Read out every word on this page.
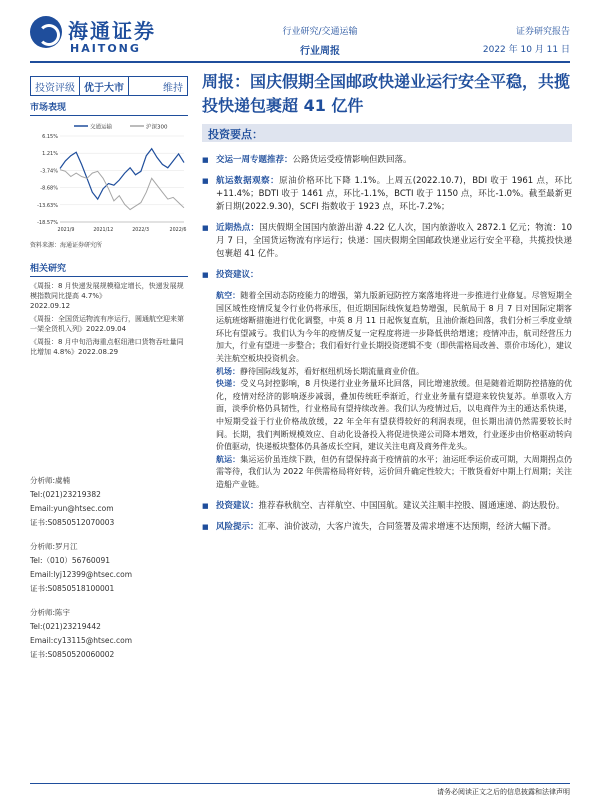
海通证券
HAITONG
行业研究/交通运输
行业周报
证券研究报告
2022 年 10 月 11 日
投资评级 优于大市	维持
市场表现
交通运输	沪深300
6.15%
1.21%
-3.74%
-8.68%
-13.63%
-18.57%
2021/9	2021/12	2022/3	2022/6
资料来源：海通证券研究所
相关研究
《周报：8 月快递发展规模稳定增长，快递发展规模指数同比提高 4.7%》
2022.09.12
《周报：全国货运物流有序运行，圆通航空迎来第一架全货机入列》2022.09.04
《周报：8 月中旬沿海重点枢纽港口货物吞吐量同比增加 4.8%》2022.08.29
分析师:虞楠
Tel:(021)23219382
Email:yun@htsec.com
证书:S0850512070003
分析师:罗月江
Tel:（010）56760091
Email:lyj12399@htsec.com
证书:S0850518100001
分析师:陈宇
Tel:(021)23219442
Email:cy13115@htsec.com
证书:S0850520060002
周报：国庆假期全国邮政快递业运行安全平稳，共揽投快递包裹超 41 亿件
投资要点：
■ 交运一周专题推荐：公路货运受疫情影响但跌回落。
■ 航运数据观察：原油价格环比下降 1.1%。上周五(2022.10.7)，BDI 收于 1961 点，环比+11.4%；BDTI 收于 1461 点，环比-1.1%，BCTI 收于 1150 点，环比-1.0%。截至最新更新日期(2022.9.30)，SCFI 指数收于 1923 点，环比-7.2%；
■ 近期热点：国庆假期全国国内旅游出游 4.22 亿人次，国内旅游收入 2872.1 亿元；物流：10 月 7 日，全国货运物流有序运行；快递：国庆假期全国邮政快递业运行安全平稳，共揽投快递包裹超 41 亿件。
■ 投资建议：
航空：随着全国动态防疫能力的增强，第九版新冠防控方案落地将进一步推进行业修复。尽管短期全国区域性疫情反复令行业仍将承压，但近期国际线恢复趋势增强，民航局于 8 月 7 日对国际定期客运航班熔断措施进行优化调整，中英 8 月 11 日起恢复直航，且油价渐趋回落，我们分析三季度业绩环比有望减亏。我们认为今年的疫情反复一定程度将进一步降低供给增速；疫情冲击，航司经营压力加大，行业有望进一步整合；我们看好行业长期投资逻辑不变（即供需格局改善、票价市场化），建议关注航空板块投资机会。
机场：静待国际线复苏，看好枢纽机场长期流量商业价值。
快递：受义乌封控影响，8 月快递行业业务量环比回落，同比增速放缓。但是随着近期防控措施的优化，疫情对经济的影响逐步减弱，叠加传统旺季渐近，行业业务量有望迎来较快复苏。单票收入方面，淡季价格仍具韧性，行业格局有望持续改善。我们认为疫情过后，以电商件为主的通达系快递，中短期受益于行业价格战放缓，22 年全年有望获得较好的利润表现，但长期出清仍然需要较长时间。长期，我们判断规模效应、自动化设备投入将促进快递公司降本增效，行业逐步由价格驱动转向价值驱动，快递板块整体仍具备成长空间，建议关注电商及商务件龙头。
航运：集运运价虽连续下跌，但仍有望保持高于疫情前的水平；油运旺季运价或可期，大周期拐点仍需等待，我们认为 2022 年供需格局将好转，运价回升确定性较大；干散货看好中期上行周期；关注造船产业链。
■ 投资建议：推荐春秋航空、吉祥航空、中国国航。建议关注顺丰控股、圆通速递、韵达股份。
■ 风险提示：汇率、油价波动，大客户流失，合同签署及需求增速不达预期，经济大幅下滑。
请务必阅读正文之后的信息披露和法律声明
